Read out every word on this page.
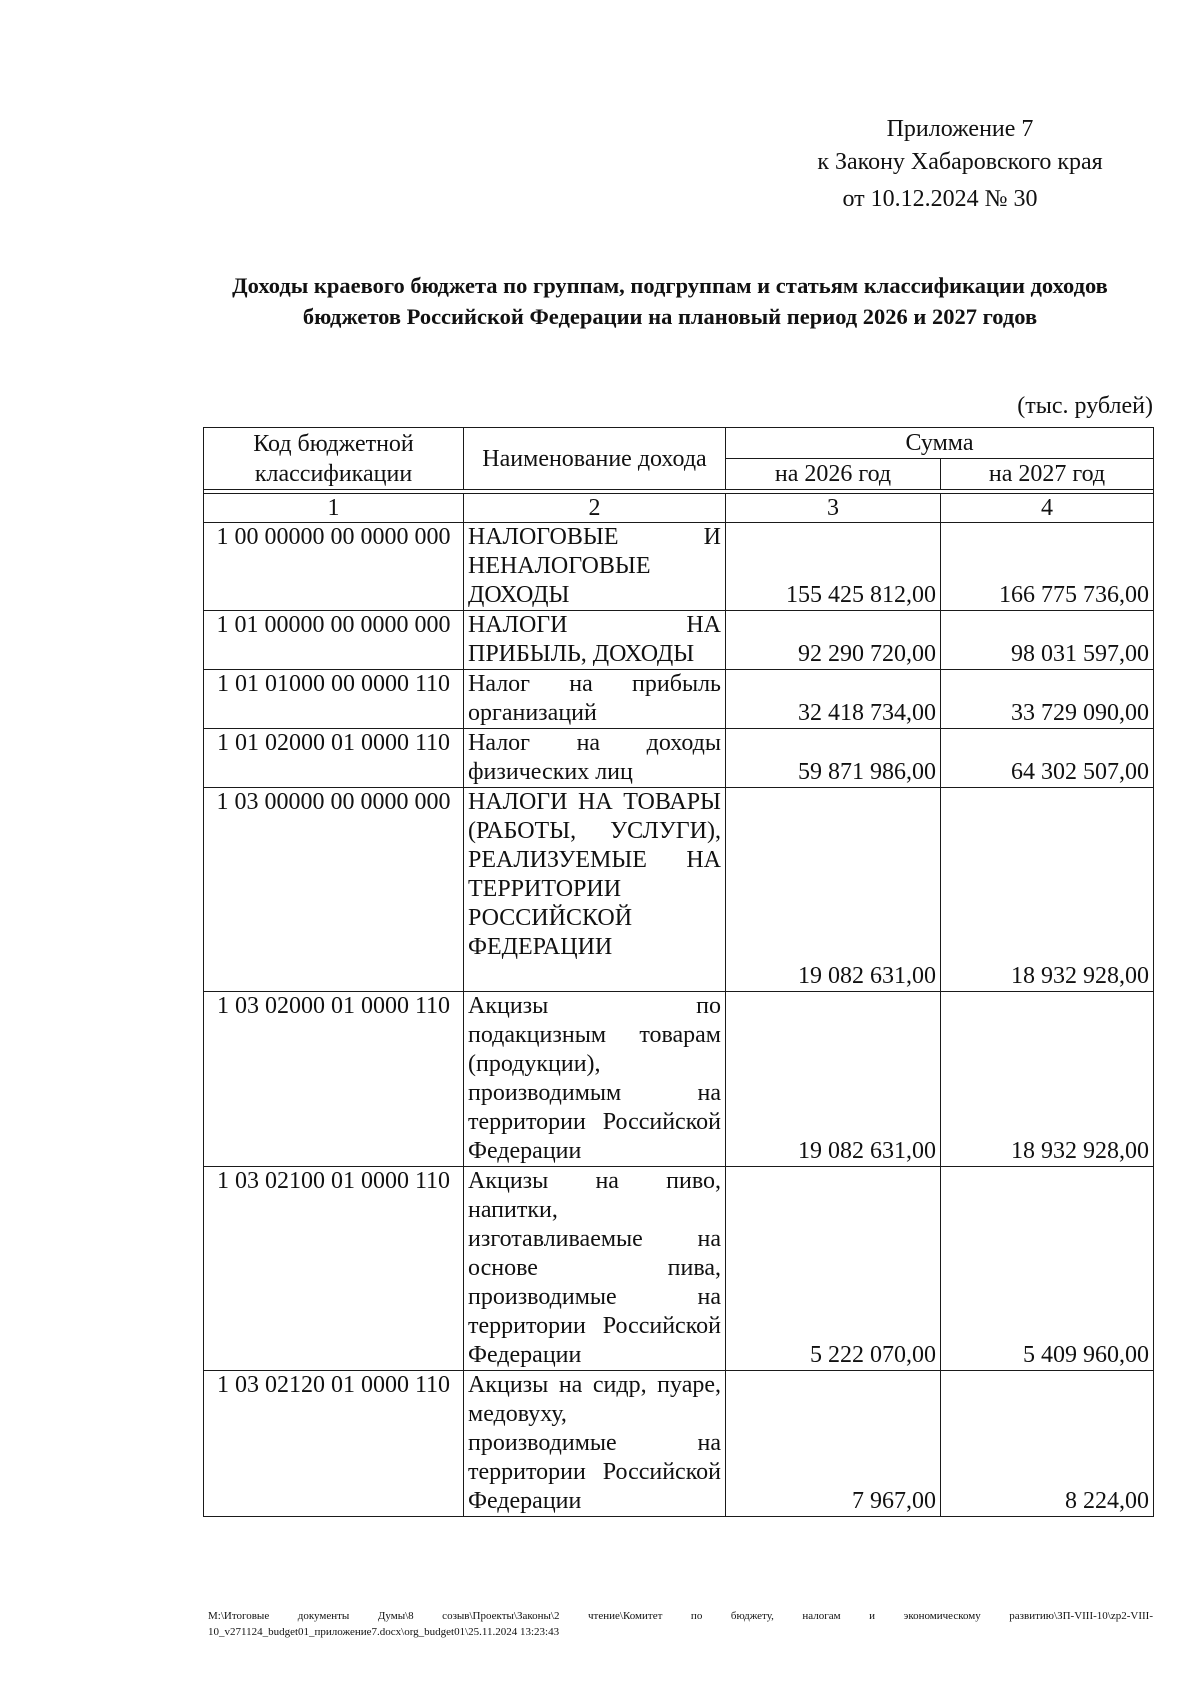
Приложение 7
к Закону Хабаровского края
от 10.12.2024 № 30
Доходы краевого бюджета по группам, подгруппам и статьям классификации доходов бюджетов Российской Федерации на плановый период 2026 и 2027 годов
(тыс. рублей)
Код бюджетной классификации	Наименование дохода	Сумма	
		на 2026 год	на 2027 год

1	2	3	4
1 00 00000 00 0000 000	НАЛОГОВЫЕ И НЕНАЛОГОВЫЕ ДОХОДЫ	155 425 812,00	166 775 736,00
1 01 00000 00 0000 000	НАЛОГИ НА ПРИБЫЛЬ, ДОХОДЫ	92 290 720,00	98 031 597,00
1 01 01000 00 0000 110	Налог на прибыль организаций	32 418 734,00	33 729 090,00
1 01 02000 01 0000 110	Налог на доходы физических лиц	59 871 986,00	64 302 507,00
1 03 00000 00 0000 000	НАЛОГИ НА ТОВАРЫ (РАБОТЫ, УСЛУГИ), РЕАЛИЗУЕМЫЕ НА ТЕРРИТОРИИ РОССИЙСКОЙ ФЕДЕРАЦИИ	19 082 631,00	18 932 928,00
1 03 02000 01 0000 110	Акцизы по подакцизным товарам (продукции), производимым на территории Российской Федерации	19 082 631,00	18 932 928,00
1 03 02100 01 0000 110	Акцизы на пиво, напитки, изготавливаемые на основе пива, производимые на территории Российской Федерации	5 222 070,00	5 409 960,00
1 03 02120 01 0000 110	Акцизы на сидр, пуаре, медовуху, производимые на территории Российской Федерации	7 967,00	8 224,00
M:\Итоговые документы Думы\8 созыв\Проекты\Законы\2 чтение\Комитет по бюджету, налогам и экономическому развитию\ЗП-VIII-10\zp2-VIII-10_v271124_budget01_приложение7.docx\org_budget01\25.11.2024 13:23:43
